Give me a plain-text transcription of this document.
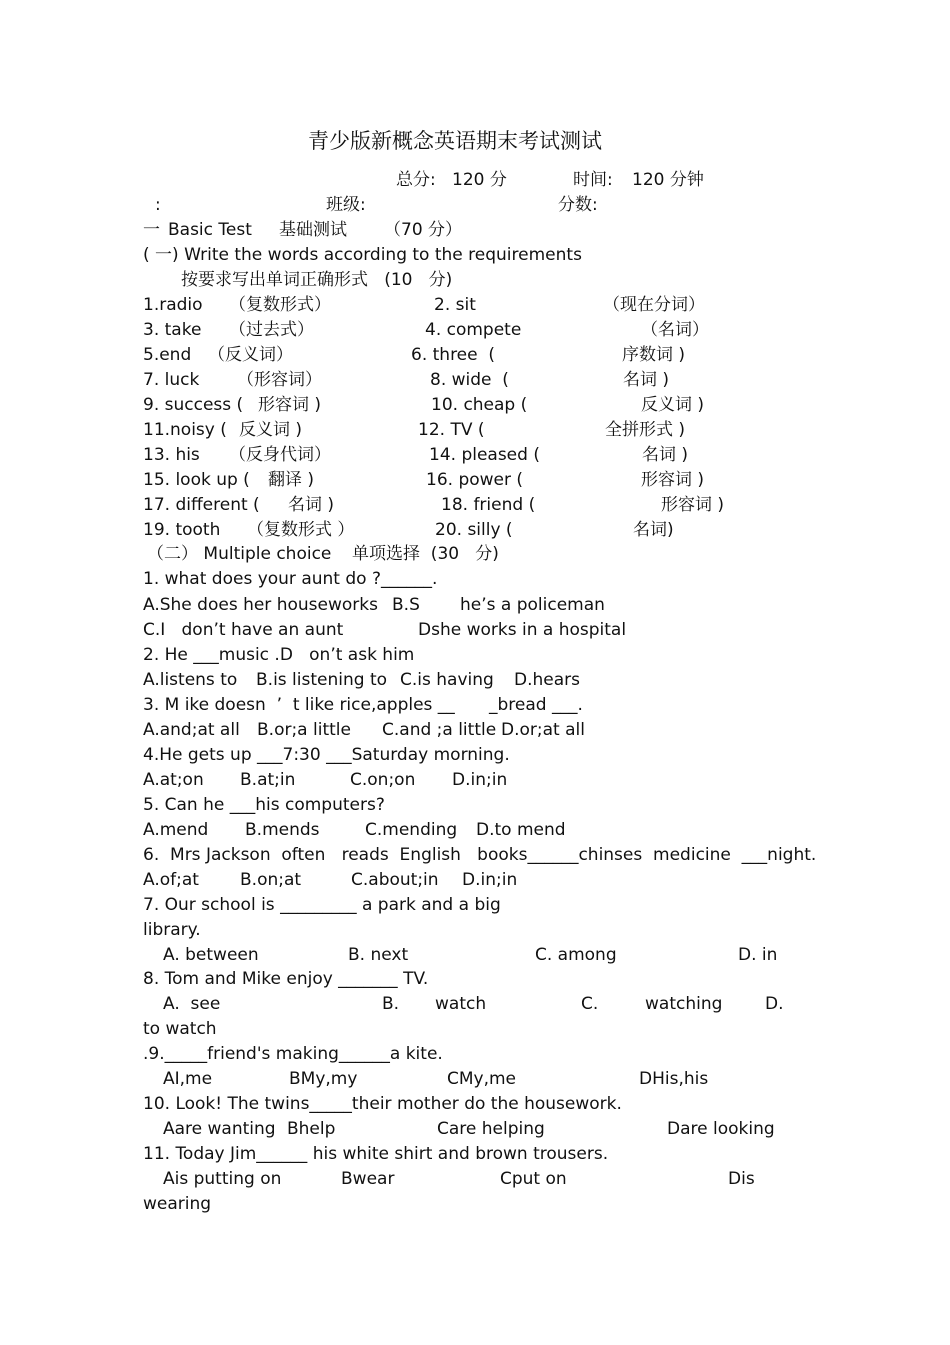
青少版新概念英语期末考试测试
总分: 120 分	时间: 120 分钟
:	班级:	分数:
一 Basic Test 基础测试 （70 分）
( 一) Write the words according to the requirements
按要求写出单词正确形式   (10   分)
1.radio （复数形式）	2. sit	（现在分词）
3. take （过去式）	4. compete	（名词）
5.end （反义词）	6. three  (	序数词 )
7. luck （形容词）	8. wide  (	名词 )
9. success ( 形容词 )	10. cheap (	反义词 )
11.noisy ( 反义词 )	12. TV (	全拼形式 )
13. his （反身代词）	14. pleased (	名词 )
15. look up ( 翻译 )	16. power (	形容词 )
17. different ( 名词 )	18. friend (	形容词 )
19. tooth （复数形式 ）	20. silly (	名词)
（二） Multiple choice 单项选择  (30   分)
1. what does your aunt do ?______.
A.She does her houseworks B.S he’s a policeman
C.I   don’t have an aunt	Dshe works in a hospital
2. He ___music .D   on’t ask him
A.listens to B.is listening to C.is having D.hears
3. M ike doesn  ’  t like rice,apples __ _bread ___.
A.and;at all B.or;a little C.and ;a little D.or;at all
4.He gets up ___7:30 ___Saturday morning.
A.at;on B.at;in	C.on;on D.in;in
5. Can he ___his computers?
A.mend B.mends	C.mending D.to mend
6.  Mrs Jackson  often   reads  English   books______chinses  medicine  ___night.
A.of;at B.on;at	C.about;in D.in;in
7. Our school is _________ a park and a big
library.
A. between	B. next	C. among	D. in
8. Tom and Mike enjoy _______ TV.
A.  see	B. watch	C.	watching	D.
to watch
.9._____friend's making______a kite.
AI,me	BMy,my	CMy,me	DHis,his
10. Look! The twins_____their mother do the housework.
Aare wanting Bhelp	Care helping	Dare looking
11. Today Jim______ his white shirt and brown trousers.
Ais putting on	Bwear	Cput on	Dis
wearing
